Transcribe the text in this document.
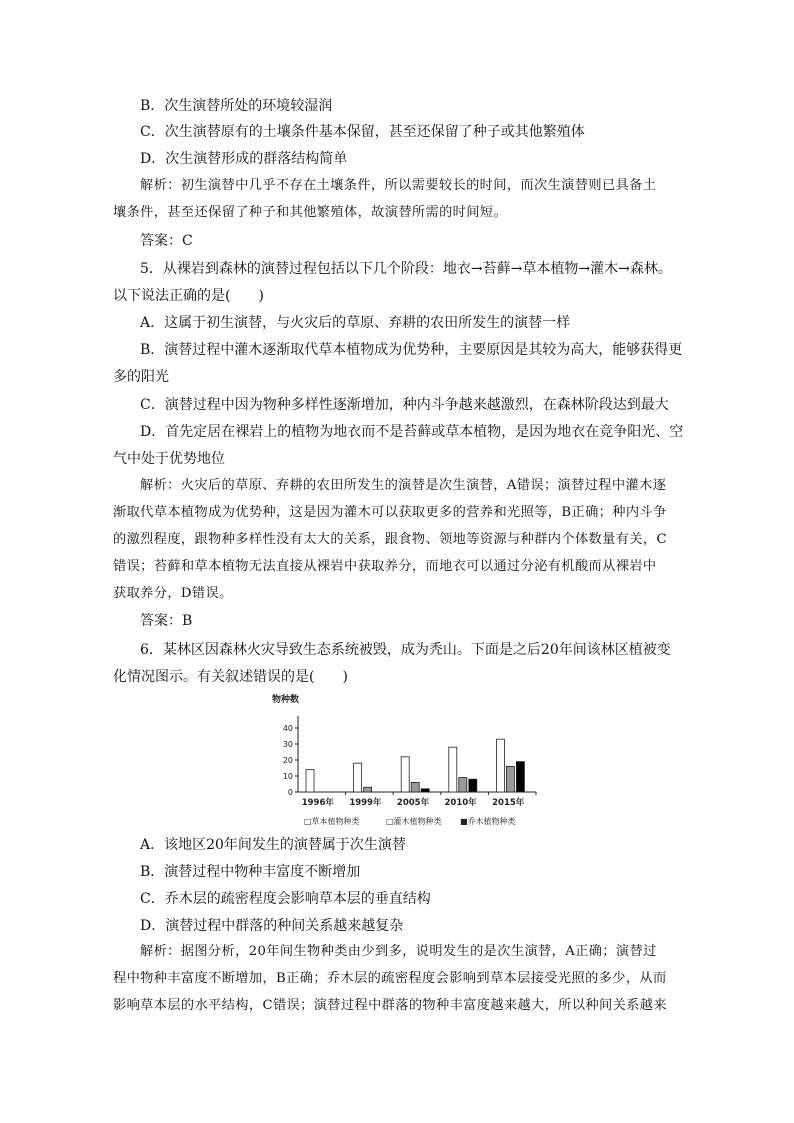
B．次生演替所处的环境较湿润
C．次生演替原有的土壤条件基本保留，甚至还保留了种子或其他繁殖体
D．次生演替形成的群落结构简单
解析：初生演替中几乎不存在土壤条件，所以需要较长的时间，而次生演替则已具备土
壤条件，甚至还保留了种子和其他繁殖体，故演替所需的时间短。
答案：C
5．从裸岩到森林的演替过程包括以下几个阶段：地衣→苔藓→草本植物→灌木→森林。
以下说法正确的是(　　)
A．这属于初生演替，与火灾后的草原、弃耕的农田所发生的演替一样
B．演替过程中灌木逐渐取代草本植物成为优势种，主要原因是其较为高大，能够获得更
多的阳光
C．演替过程中因为物种多样性逐渐增加，种内斗争越来越激烈，在森林阶段达到最大
D．首先定居在裸岩上的植物为地衣而不是苔藓或草本植物，是因为地衣在竞争阳光、空
气中处于优势地位
解析：火灾后的草原、弃耕的农田所发生的演替是次生演替，A错误；演替过程中灌木逐
渐取代草本植物成为优势种，这是因为灌木可以获取更多的营养和光照等，B正确；种内斗争
的激烈程度，跟物种多样性没有太大的关系，跟食物、领地等资源与种群内个体数量有关，C
错误；苔藓和草本植物无法直接从裸岩中获取养分，而地衣可以通过分泌有机酸而从裸岩中
获取养分，D错误。
答案：B
6．某林区因森林火灾导致生态系统被毁，成为秃山。下面是之后20年间该林区植被变
化情况图示。有关叙述错误的是(　　)
物种数
0
10
20
30
40
1996年 1999年 2005年 2010年 2015年
□草本植物种类	□灌木植物种类 ■乔木植物种类
A．该地区20年间发生的演替属于次生演替
B．演替过程中物种丰富度不断增加
C．乔木层的疏密程度会影响草本层的垂直结构
D．演替过程中群落的种间关系越来越复杂
解析：据图分析，20年间生物种类由少到多，说明发生的是次生演替，A正确；演替过
程中物种丰富度不断增加，B正确；乔木层的疏密程度会影响到草本层接受光照的多少，从而
影响草本层的水平结构，C错误；演替过程中群落的物种丰富度越来越大，所以种间关系越来
